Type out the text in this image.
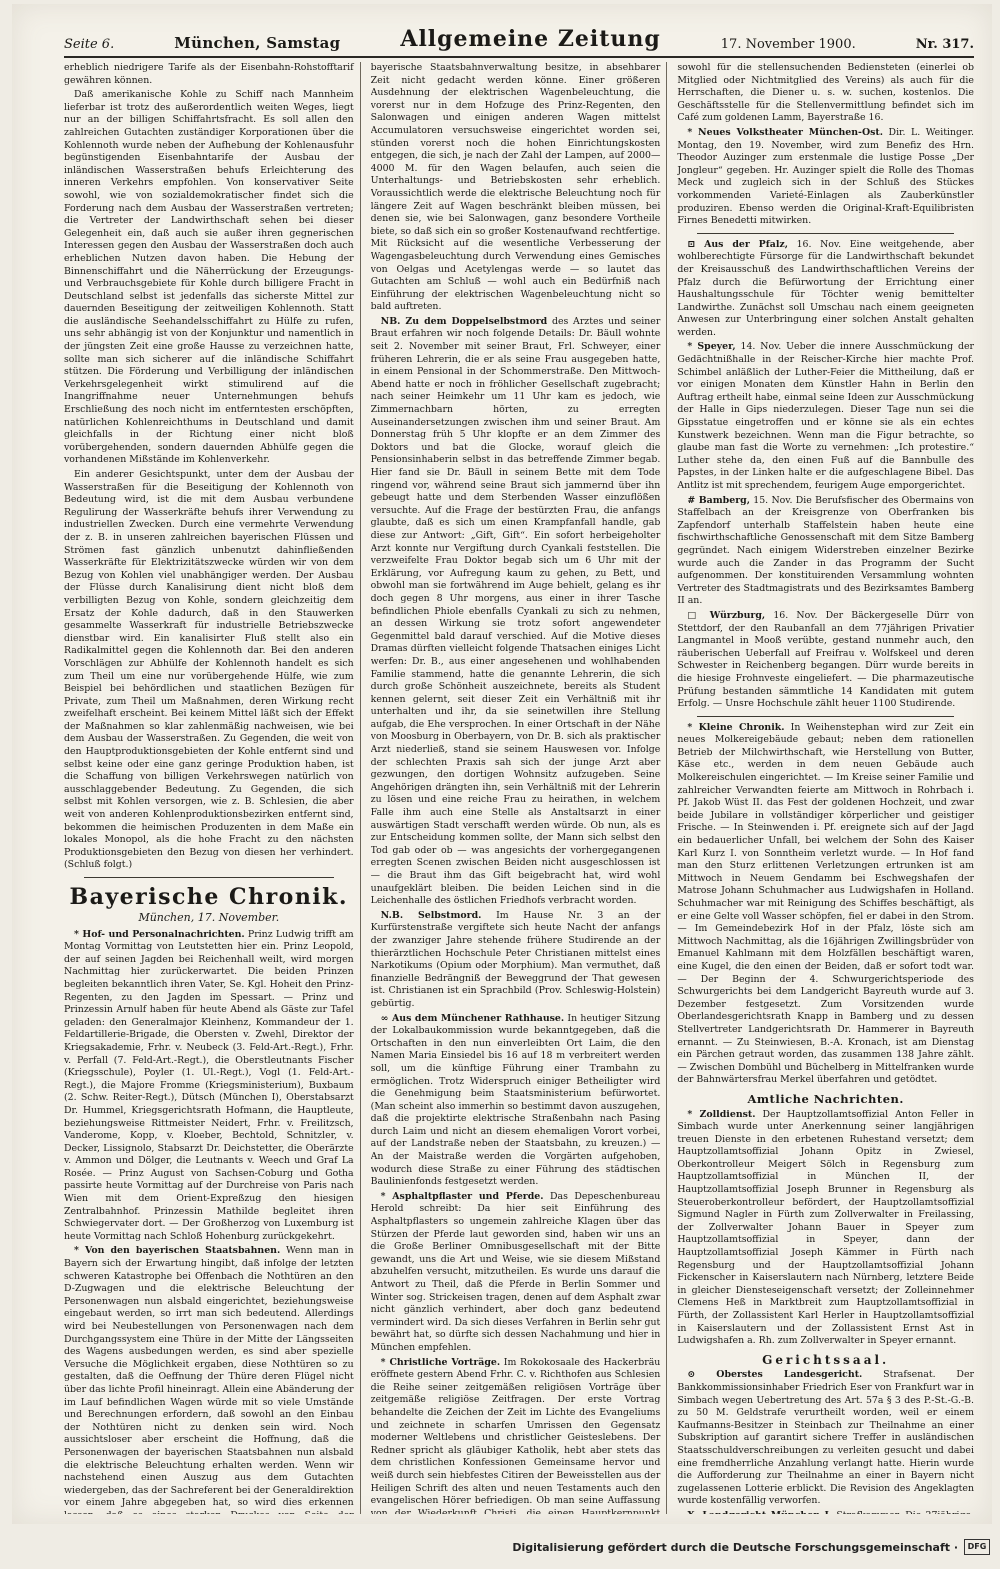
Seite 6.	München, Samstag	Allgemeine Zeitung	17. November 1900.	Nr. 317.

erheblich niedrigere Tarife als der Eisenbahn-Rohstofftarif gewähren können.

Daß amerikanische Kohle zu Schiff nach Mannheim lieferbar ist trotz des außerordentlich weiten Weges, liegt nur an der billigen Schiffahrtsfracht. Es soll allen den zahlreichen Gutachten zuständiger Korporationen über die Kohlennoth wurde neben der Aufhebung der Kohlenausfuhr begünstigenden Eisenbahntarife der Ausbau der inländischen Wasserstraßen behufs Erleichterung des inneren Verkehrs empfohlen. Von konservativer Seite sowohl, wie von sozialdemokratischer findet sich die Forderung nach dem Ausbau der Wasserstraßen vertreten; die Vertreter der Landwirthschaft sehen bei dieser Gelegenheit ein, daß auch sie außer ihren gegnerischen Interessen gegen den Ausbau der Wasserstraßen doch auch erheblichen Nutzen davon haben. Die Hebung der Binnenschiffahrt und die Näherrückung der Erzeugungs- und Verbrauchsgebiete für Kohle durch billigere Fracht in Deutschland selbst ist jedenfalls das sicherste Mittel zur dauernden Beseitigung der zeitweiligen Kohlennoth. Statt die ausländische Seehandelsschiffahrt zu Hülfe zu rufen, uns sehr abhängig ist von der Konjunktur und namentlich in der jüngsten Zeit eine große Hausse zu verzeichnen hatte, sollte man sich sicherer auf die inländische Schiffahrt stützen. Die Förderung und Verbilligung der inländischen Verkehrsgelegenheit wirkt stimulirend auf die Inangriffnahme neuer Unternehmungen behufs Erschließung des noch nicht im entferntesten erschöpften, natürlichen Kohlenreichthums in Deutschland und damit gleichfalls in der Richtung einer nicht bloß vorübergehenden, sondern dauernden Abhülfe gegen die vorhandenen Mißstände im Kohlenverkehr.

Ein anderer Gesichtspunkt, unter dem der Ausbau der Wasserstraßen für die Beseitigung der Kohlennoth von Bedeutung wird, ist die mit dem Ausbau verbundene Regulirung der Wasserkräfte behufs ihrer Verwendung zu industriellen Zwecken. Durch eine vermehrte Verwendung der z. B. in unseren zahlreichen bayerischen Flüssen und Strömen fast gänzlich unbenutzt dahinfließenden Wasserkräfte für Elektrizitätszwecke würden wir von dem Bezug von Kohlen viel unabhängiger werden. Der Ausbau der Flüsse durch Kanalisirung dient nicht bloß dem verbilligten Bezug von Kohle, sondern gleichzeitig dem Ersatz der Kohle dadurch, daß in den Stauwerken gesammelte Wasserkraft für industrielle Betriebszwecke dienstbar wird. Ein kanalisirter Fluß stellt also ein Radikalmittel gegen die Kohlennoth dar. Bei den anderen Vorschlägen zur Abhülfe der Kohlennoth handelt es sich zum Theil um eine nur vorübergehende Hülfe, wie zum Beispiel bei behördlichen und staatlichen Bezügen für Private, zum Theil um Maßnahmen, deren Wirkung recht zweifelhaft erscheint. Bei keinem Mittel läßt sich der Effekt der Maßnahmen so klar zahlenmäßig nachweisen, wie bei dem Ausbau der Wasserstraßen. Zu Gegenden, die weit von den Hauptproduktionsgebieten der Kohle entfernt sind und selbst keine oder eine ganz geringe Produktion haben, ist die Schaffung von billigen Verkehrswegen natürlich von ausschlaggebender Bedeutung. Zu Gegenden, die sich selbst mit Kohlen versorgen, wie z. B. Schlesien, die aber weit von anderen Kohlenproduktionsbezirken entfernt sind, bekommen die heimischen Produzenten in dem Maße ein lokales Monopol, als die hohe Fracht zu den nächsten Produktionsgebieten den Bezug von diesen her verhindert. (Schluß folgt.)

Bayerische Chronik.
München, 17. November.

* Hof- und Personalnachrichten. Prinz Ludwig trifft am Montag Vormittag von Leutstetten hier ein. Prinz Leopold, der auf seinen Jagden bei Reichenhall weilt, wird morgen Nachmittag hier zurückerwartet. Die beiden Prinzen begleiten bekanntlich ihren Vater, Se. Kgl. Hoheit den Prinz-Regenten, zu den Jagden im Spessart. — Prinz und Prinzessin Arnulf haben für heute Abend als Gäste zur Tafel geladen: den Generalmajor Kleinhenz, Kommandeur der 1. Feldartillerie-Brigade, die Obersten v. Zwehl, Direktor der Kriegsakademie, Frhr. v. Neubeck (3. Feld-Art.-Regt.), Frhr. v. Perfall (7. Feld-Art.-Regt.), die Oberstleutnants Fischer (Kriegsschule), Poyler (1. Ul.-Regt.), Vogl (1. Feld-Art.-Regt.), die Majore Fromme (Kriegsministerium), Buxbaum (2. Schw. Reiter-Regt.), Dütsch (München I), Oberstabsarzt Dr. Hummel, Kriegsgerichtsrath Hofmann, die Hauptleute, beziehungsweise Rittmeister Neidert, Frhr. v. Freilitzsch, Vanderome, Kopp, v. Kloeber, Bechtold, Schnitzler, v. Decker, Lissignolo, Stabsarzt Dr. Deichstetter, die Oberärzte v. Ammon und Dölger, die Leutnants v. Weech und Graf La Rosée. — Prinz August von Sachsen-Coburg und Gotha passirte heute Vormittag auf der Durchreise von Paris nach Wien mit dem Orient-Expreßzug den hiesigen Zentralbahnhof. Prinzessin Mathilde begleitet ihren Schwiegervater dort. — Der Großherzog von Luxemburg ist heute Vormittag nach Schloß Hohenburg zurückgekehrt.

* Von den bayerischen Staatsbahnen. Wenn man in Bayern sich der Erwartung hingibt, daß infolge der letzten schweren Katastrophe bei Offenbach die Nothtüren an den D-Zugwagen und die elektrische Beleuchtung der Personenwagen nun alsbald eingerichtet, beziehungsweise eingebaut werden, so irrt man sich bedeutend. Allerdings wird bei Neubestellungen von Personenwagen nach dem Durchgangssystem eine Thüre in der Mitte der Längsseiten des Wagens ausbedungen werden, es sind aber spezielle Versuche die Möglichkeit ergaben, diese Nothtüren so zu gestalten, daß die Oeffnung der Thüre deren Flügel nicht über das lichte Profil hineinragt. Allein eine Abänderung der im Lauf befindlichen Wagen würde mit so viele Umstände und Berechnungen erfordern, daß sowohl an den Einbau der Nothtüren nicht zu denken sein wird. Noch aussichtsloser aber erscheint die Hoffnung, daß die Personenwagen der bayerischen Staatsbahnen nun alsbald die elektrische Beleuchtung erhalten werden. Wenn wir nachstehend einen Auszug aus dem Gutachten wiedergeben, das der Sachreferent bei der Generaldirektion vor einem Jahre abgegeben hat, so wird dies erkennen

bayerische Staatsbahnverwaltung besitze, in absehbarer Zeit nicht gedacht werden könne. Einer größeren Ausdehnung der elektrischen Wagenbeleuchtung, die vorerst nur in dem Hofzuge des Prinz-Regenten, den Salonwagen und einigen anderen Wagen mittelst Accumulatoren versuchsweise eingerichtet worden sei, stünden vorerst noch die hohen Einrichtungskosten entgegen, die sich, je nach der Zahl der Lampen, auf 2000—4000 M. für den Wagen belaufen, auch seien die Unterhaltungs- und Betriebskosten sehr erheblich. Voraussichtlich werde die elektrische Beleuchtung noch für längere Zeit auf Wagen beschränkt bleiben müssen, bei denen sie, wie bei Salonwagen, ganz besondere Vortheile biete, so daß sich ein so großer Kostenaufwand rechtfertige. Mit Rücksicht auf die wesentliche Verbesserung der Wagengasbeleuchtung durch Verwendung eines Gemisches von Oelgas und Acetylengas werde — so lautet das Gutachten am Schluß — wohl auch ein Bedürfniß nach Einführung der elektrischen Wagenbeleuchtung nicht so bald auftreten.

NB. Zu dem Doppelselbstmord des Arztes und seiner Braut erfahren wir noch folgende Details: Dr. Bäull wohnte seit 2. November mit seiner Braut, Frl. Schweyer, einer früheren Lehrerin, die er als seine Frau ausgegeben hatte, in einem Pensional in der Schommerstraße. Den Mittwoch-Abend hatte er noch in fröhlicher Gesellschaft zugebracht; nach seiner Heimkehr um 11 Uhr kam es jedoch, wie Zimmernachbarn hörten, zu erregten Auseinandersetzungen zwischen ihm und seiner Braut. Am Donnerstag früh 5 Uhr klopfte er an dem Zimmer des Doktors und bat die Glocke, worauf gleich die Pensionsinhaberin selbst in das betreffende Zimmer begab. Hier fand sie Dr. Bäull in seinem Bette mit dem Tode ringend vor, während seine Braut sich jammernd über ihn gebeugt hatte und dem Sterbenden Wasser einzuflößen versuchte. Auf die Frage der bestürzten Frau, die anfangs glaubte, daß es sich um einen Krampfanfall handle, gab diese zur Antwort: „Gift, Gift“. Ein sofort herbeigeholter Arzt konnte nur Vergiftung durch Cyankali feststellen. Die verzweifelte Frau Doktor begab sich um 6 Uhr mit der Erklärung, vor Aufregung kaum zu gehen, zu Bett, und obwohl man sie fortwährend im Auge behielt, gelang es ihr doch gegen 8 Uhr morgens, aus einer in ihrer Tasche befindlichen Phiole ebenfalls Cyankali zu sich zu nehmen, an dessen Wirkung sie trotz sofort angewendeter Gegenmittel bald darauf verschied. Auf die Motive dieses Dramas dürften vielleicht folgende Thatsachen einiges Licht werfen: Dr. B., aus einer angesehenen und wohlhabenden Familie stammend, hatte die genannte Lehrerin, die sich durch große Schönheit auszeichnete, bereits als Student kennen gelernt, seit dieser Zeit ein Verhältniß mit ihr unterhalten und ihr, da sie seinetwillen ihre Stellung aufgab, die Ehe versprochen. In einer Ortschaft in der Nähe von Moosburg in Oberbayern, von Dr. B. sich als praktischer Arzt niederließ, stand sie seinem Hauswesen vor. Infolge der schlechten Praxis sah sich der junge Arzt aber gezwungen, den dortigen Wohnsitz aufzugeben. Seine Angehörigen drängten ihn, sein Verhältniß mit der Lehrerin zu lösen und eine reiche Frau zu heirathen, in welchem Falle ihm auch eine Stelle als Anstaltsarzt in einer auswärtigen Stadt verschafft werden würde. Ob nun, als es zur Entscheidung kommen sollte, der Mann sich selbst den Tod gab oder ob — was angesichts der vorhergegangenen erregten Scenen zwischen Beiden nicht ausgeschlossen ist — die Braut ihm das Gift beigebracht hat, wird wohl unaufgeklärt bleiben. Die beiden Leichen sind in die Leichenhalle des östlichen Friedhofs verbracht worden.

N.B. Selbstmord. Im Hause Nr. 3 an der Kurfürstenstraße vergiftete sich heute Nacht der anfangs der zwanziger Jahre stehende frühere Studirende an der thierärztlichen Hochschule Peter Christianen mittelst eines Narkotikums (Opium oder Morphium). Man vermuthet, daß finanzielle Bedrängniß der Beweggrund der That gewesen ist. Christianen ist ein Sprachbild (Prov. Schleswig-Holstein) gebürtig.

∞ Aus dem Münchener Rathhause. In heutiger Sitzung der Lokalbaukommission wurde bekanntgegeben, daß die Ortschaften in den nun einverleibten Ort Laim, die den Namen Maria Einsiedel bis 16 auf 18 m verbreitert werden soll, um die künftige Führung einer Trambahn zu ermöglichen. Trotz Widerspruch einiger Betheiligter wird die Genehmigung beim Staatsministerium befürwortet. (Man scheint also immerhin so bestimmt davon auszugehen, daß die projektirte elektrische Straßenbahn nach Pasing durch Laim und nicht an diesem ehemaligen Vorort vorbei, auf der Landstraße neben der Staatsbahn, zu kreuzen.) — An der Maistraße werden die Vorgärten aufgehoben, wodurch diese Straße zu einer Führung des städtischen Baulinienfonds festgesetzt werden.

* Asphaltpflaster und Pferde. Das Depeschenbureau Herold schreibt: Da hier seit Einführung des Asphaltpflasters so ungemein zahlreiche Klagen über das Stürzen der Pferde laut geworden sind, haben wir uns an die Große Berliner Omnibusgesellschaft mit der Bitte gewandt, uns die Art und Weise, wie sie diesem Mißstand abzuhelfen versucht, mitzutheilen. Es wurde uns darauf die Antwort zu Theil, daß die Pferde in Berlin Sommer und Winter sog. Strickeisen tragen, denen auf dem Asphalt zwar nicht gänzlich verhindert, aber doch ganz bedeutend vermindert wird. Da sich dieses Verfahren in Berlin sehr gut bewährt hat, so dürfte sich dessen Nachahmung und hier in München empfehlen.

* Christliche Vorträge. Im Rokokosaale des Hackerbräu eröffnete gestern Abend Frhr. C. v. Richthofen aus Schlesien die Reihe seiner zeitgemäßen religiösen Vorträge über zeitgemäße religiöse Zeitfragen. Der erste Vortrag behandelte die Zeichen der Zeit im Lichte des Evangeliums und zeichnete in scharfen Umrissen den Gegensatz moderner Weltlebens und christlicher Geisteslebens. Der Redner spricht als gläubiger Katholik, hebt aber stets das dem christlichen Konfessionen Gemeinsame hervor und weiß durch sein hiebfestes Citiren der Beweisstellen aus der Heiligen Schrift des alten und neuen Testaments auch den evangelischen Hörer befriedigen. Ob man seine Auffassung von der Wiederkunft Christi, die einen Hauptkernpunkt

sowohl für die stellensuchenden Bediensteten (einerlei ob Mitglied oder Nichtmitglied des Vereins) als auch für die Herrschaften, die Diener u. s. w. suchen, kostenlos. Die Geschäftsstelle für die Stellenvermittlung befindet sich im Café zum goldenen Lamm, Bayerstraße 16.

* Neues Volkstheater München-Ost. Dir. L. Weitinger. Montag, den 19. November, wird zum Benefiz des Hrn. Theodor Auzinger zum erstenmale die lustige Posse „Der Jongleur“ gegeben. Hr. Auzinger spielt die Rolle des Thomas Meck und zugleich sich in der Schluß des Stückes vorkommenden Varieté-Einlagen als Zauberkünstler produziren. Ebenso werden die Original-Kraft-Equilibristen Firnes Benedetti mitwirken.

⊡ Aus der Pfalz, 16. Nov. Eine weitgehende, aber wohlberechtigte Fürsorge für die Landwirthschaft bekundet der Kreisausschuß des Landwirthschaftlichen Vereins der Pfalz durch die Befürwortung der Errichtung einer Haushaltungsschule für Töchter wenig bemittelter Landwirthe. Zunächst soll Umschau nach einem geeigneten Anwesen zur Unterbringung einer solchen Anstalt gehalten werden.

* Speyer, 14. Nov. Ueber die innere Ausschmückung der Gedächtnißhalle in der Reischer-Kirche hier machte Prof. Schimbel anläßlich der Luther-Feier die Mittheilung, daß er vor einigen Monaten dem Künstler Hahn in Berlin den Auftrag ertheilt habe, einmal seine Ideen zur Ausschmückung der Halle in Gips niederzulegen. Dieser Tage nun sei die Gipsstatue eingetroffen und er könne sie als ein echtes Kunstwerk bezeichnen. Wenn man die Figur betrachte, so glaube man fast die Worte zu vernehmen: „Ich protestire.“ Luther stehe da, den einen Fuß auf die Bannbulle des Papstes, in der Linken halte er die aufgeschlagene Bibel. Das Antlitz ist mit sprechendem, feurigem Auge emporgerichtet.

# Bamberg, 15. Nov. Die Berufsfischer des Obermains von Staffelbach an der Kreisgrenze von Oberfranken bis Zapfendorf unterhalb Staffelstein haben heute eine fischwirthschaftliche Genossenschaft mit dem Sitze Bamberg gegründet. Nach einigem Widerstreben einzelner Bezirke wurde auch die Zander in das Programm der Sucht aufgenommen. Der konstituirenden Versammlung wohnten Vertreter des Stadtmagistrats und des Bezirksamtes Bamberg II an.

□ Würzburg, 16. Nov. Der Bäckergeselle Dürr von Stettdorf, der den Raubanfall an dem 77jährigen Privatier Langmantel in Mooß verübte, gestand nunmehr auch, den räuberischen Ueberfall auf Freifrau v. Wolfskeel und deren Schwester in Reichenberg begangen. Dürr wurde bereits in die hiesige Frohnveste eingeliefert. — Die pharmazeutische Prüfung bestanden sämmtliche 14 Kandidaten mit gutem Erfolg. — Unsre Hochschule zählt heuer 1100 Studirende.

* Kleine Chronik. In Weihenstephan wird zur Zeit ein neues Molkereigebäude gebaut; neben dem rationellen Betrieb der Milchwirthschaft, wie Herstellung von Butter, Käse etc., werden in dem neuen Gebäude auch Molkereischulen eingerichtet. — Im Kreise seiner Familie und zahlreicher Verwandten feierte am Mittwoch in Rohrbach i. Pf. Jakob Wüst II. das Fest der goldenen Hochzeit, und zwar beide Jubilare in vollständiger körperlicher und geistiger Frische. — In Steinwenden i. Pf. ereignete sich auf der Jagd ein bedauerlicher Unfall, bei welchem der Sohn des Kaiser Karl Kurz I. von Sonntheim verletzt wurde. — In Hof fand man den Sturz erlittenen Verletzungen ertrunken ist am Mittwoch in Neuem Gendamm bei Eschwegshafen der Matrose Johann Schuhmacher aus Ludwigshafen in Holland. Schuhmacher war mit Reinigung des Schiffes beschäftigt, als er eine Gelte voll Wasser schöpfen, fiel er dabei in den Strom. — Im Gemeindebezirk Hof in der Pfalz, löste sich am Mittwoch Nachmittag, als die 16jährigen Zwillingsbrüder von Emanuel Kahlmann mit dem Holzfällen beschäftigt waren, eine Kugel, die den einen der Beiden, daß er sofort todt war. — Der Beginn der 4. Schwurgerichtsperiode des Schwurgerichts bei dem Landgericht Bayreuth wurde auf 3. Dezember festgesetzt. Zum Vorsitzenden wurde Oberlandesgerichtsrath Knapp in Bamberg und zu dessen Stellvertreter Landgerichtsrath Dr. Hammerer in Bayreuth ernannt. — Zu Steinwiesen, B.-A. Kronach, ist am Dienstag ein Pärchen getraut worden, das zusammen 138 Jahre zählt. — Zwischen Dombühl und Büchelberg in Mittelfranken wurde der Bahnwärtersfrau Merkel überfahren und getödtet.

Amtliche Nachrichten.

* Zolldienst. Der Hauptzollamtsoffizial Anton Feller in Simbach wurde unter Anerkennung seiner langjährigen treuen Dienste in den erbetenen Ruhestand versetzt; dem Hauptzollamtsoffizial Johann Opitz in Zwiesel, Oberkontrolleur Meigert Sölch in Regensburg zum Hauptzollamtsoffizial in München II, der Hauptzollamtsoffizial Joseph Brunner in Regensburg als Steueroberkontrolleur befördert, der Hauptzollamtsoffizial Sigmund Nagler in Fürth zum Zollverwalter in Freilassing, der Zollverwalter Johann Bauer in Speyer zum Hauptzollamtsoffizial in Speyer, dann der Hauptzollamtsoffizial Joseph Kämmer in Fürth nach Regensburg und der Hauptzollamtsoffizial Johann Fickenscher in Kaiserslautern nach Nürnberg, letztere Beide in gleicher Diensteseigenschaft versetzt; der Zolleinnehmer Clemens Heß in Marktbreit zum Hauptzollamtsoffizial in Fürth, der Zollassistent Karl Herler in Hauptzollamtsoffizial in Kaiserslautern und der Zollassistent Ernst Ast in Ludwigshafen a. Rh. zum Zollverwalter in Speyer ernannt.

Gerichtssaal.

⊙ Oberstes Landesgericht. Strafsenat. Der Bankkommissionsinhaber Friedrich Eser von Frankfurt war in Simbach wegen Uebertretung des Art. 57a § 3 des P.-St.-G.-B. zu 50 M. Geldstrafe verurtheilt worden, weil er einem Kaufmanns-Besitzer in Steinbach zur Theilnahme an einer Subskription auf garantirt sichere Treffer in ausländischen Staatsschuldverschreibungen zu verleiten gesucht und dabei eine fremdherrliche Anzahlung verlangt hatte. Hierin wurde die Aufforderung zur Theilnahme an einer in Bayern nicht zugelassenen Lotterie erblickt. Die Revision des Angeklagten wurde kostenfällig verworfen.

Digitalisierung gefördert durch die Deutsche Forschungsgemeinschaft ·	DFG
